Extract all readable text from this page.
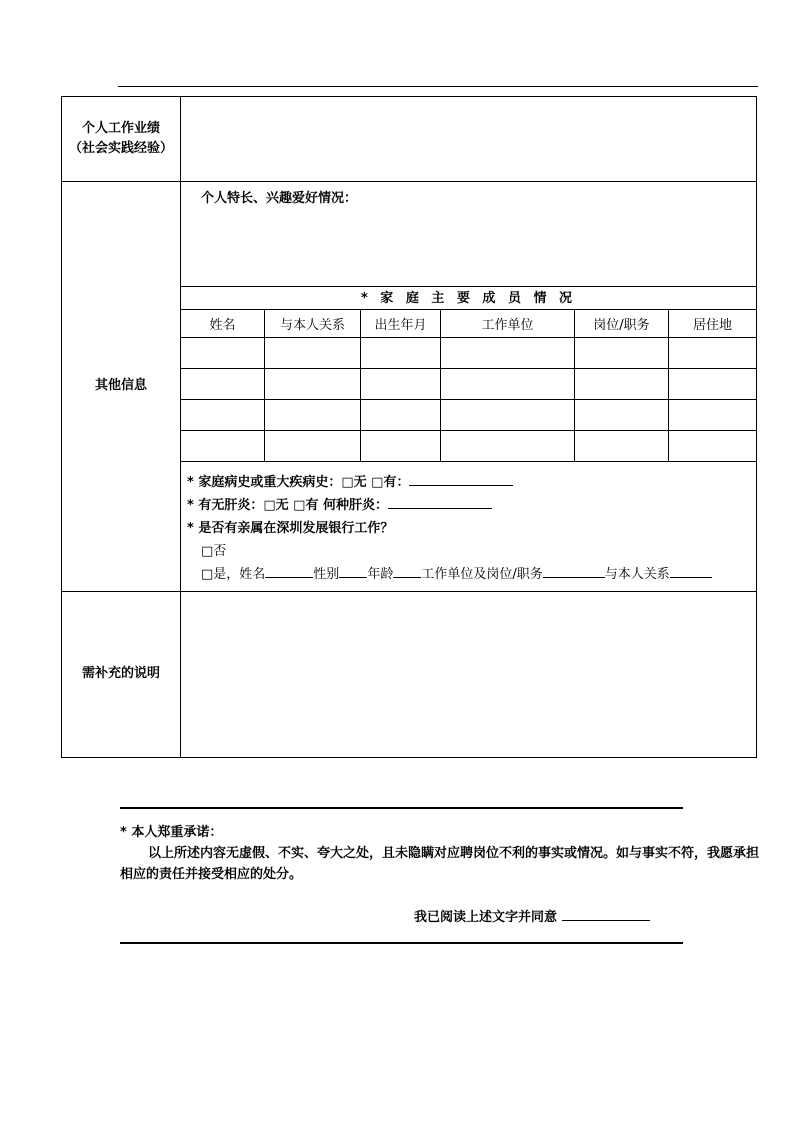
个人工作业绩
（社会实践经验）
其他信息
个人特长、兴趣爱好情况：
* 家 庭 主 要 成 员 情 况
姓名	与本人关系	出生年月	工作单位	岗位/职务	居住地
* 家庭病史或重大疾病史：□无 □有：
* 有无肝炎：□无 □有 何种肝炎：
* 是否有亲属在深圳发展银行工作？
□否
□是，姓名	性别 年龄 工作单位及岗位/职务	与本人关系
需补充的说明
* 本人郑重承诺：
以上所述内容无虚假、不实、夸大之处，且未隐瞒对应聘岗位不利的事实或情况。如与事实不符，我愿承担相应的责任并接受相应的处分。
我已阅读上述文字并同意
